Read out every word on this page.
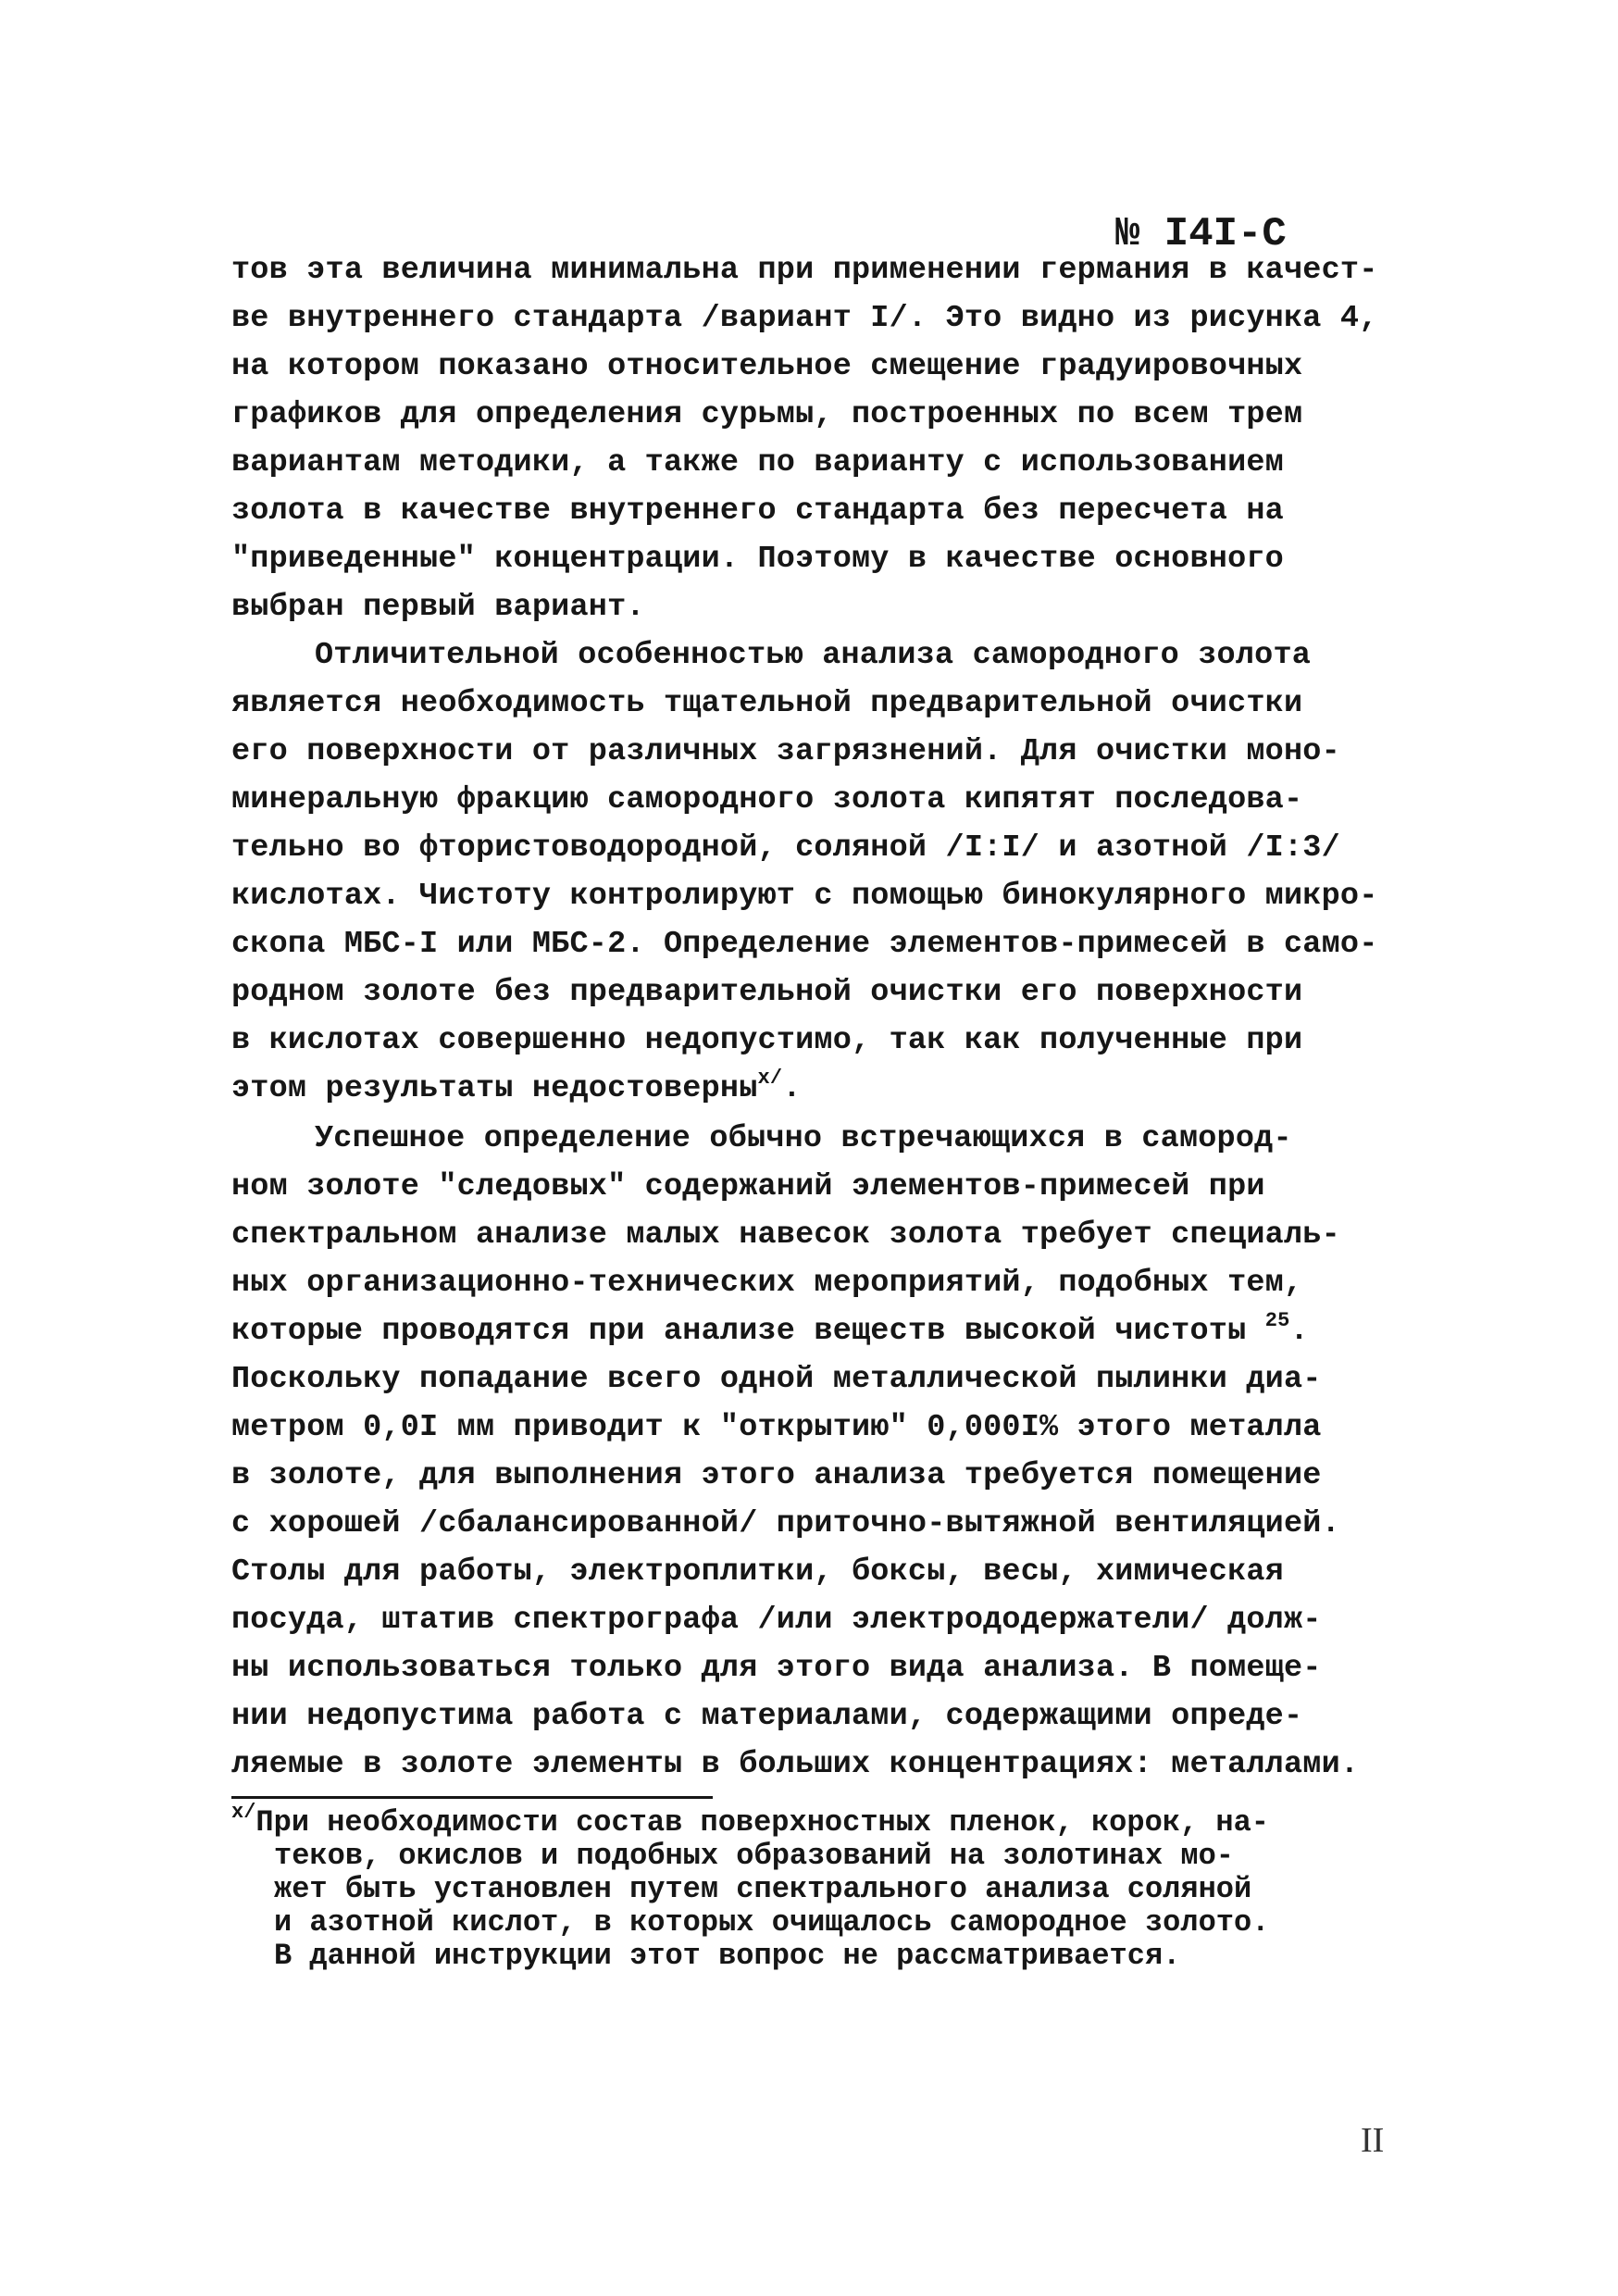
№ I4I-C
тов эта величина минимальна при применении германия в качест-
ве внутреннего стандарта /вариант I/. Это видно из рисунка 4,
на котором показано относительное смещение градуировочных
графиков для определения сурьмы, построенных по всем трем
вариантам методики, а также по варианту с использованием
золота в качестве внутреннего стандарта без пересчета на
"приведенные" концентрации. Поэтому в качестве основного
выбран первый вариант.
Отличительной особенностью анализа самородного золота
является необходимость тщательной предварительной очистки
его поверхности от различных загрязнений. Для очистки моно-
минеральную фракцию самородного золота кипятят последова-
тельно во фтористоводородной, соляной /I:I/ и азотной /I:3/
кислотах. Чистоту контролируют с помощью бинокулярного микро-
скопа МБС-I или МБС-2. Определение элементов-примесей в само-
родном золоте без предварительной очистки его поверхности
в кислотах совершенно недопустимо, так как полученные при
этом результаты недостоверны$^{x/}$.
Успешное определение обычно встречающихся в самород-
ном золоте "следовых" содержаний элементов-примесей при
спектральном анализе малых навесок золота требует специаль-
ных организационно-технических мероприятий, подобных тем,
которые проводятся при анализе веществ высокой чистоты $^{25}$.
Поскольку попадание всего одной металлической пылинки диа-
метром 0,0I мм приводит к "открытию" 0,000I% этого металла
в золоте, для выполнения этого анализа требуется помещение
с хорошей /сбалансированной/ приточно-вытяжной вентиляцией.
Столы для работы, электроплитки, боксы, весы, химическая
посуда, штатив спектрографа /или электрододержатели/ долж-
ны использоваться только для этого вида анализа. В помеще-
нии недопустима работа с материалами, содержащими опреде-
ляемые в золоте элементы в больших концентрациях: металлами.
$^{x/}$При необходимости состав поверхностных пленок, корок, на-
теков, окислов и подобных образований на золотинах мо-
жет быть установлен путем спектрального анализа соляной
и азотной кислот, в которых очищалось самородное золото.
В данной инструкции этот вопрос не рассматривается.
II
